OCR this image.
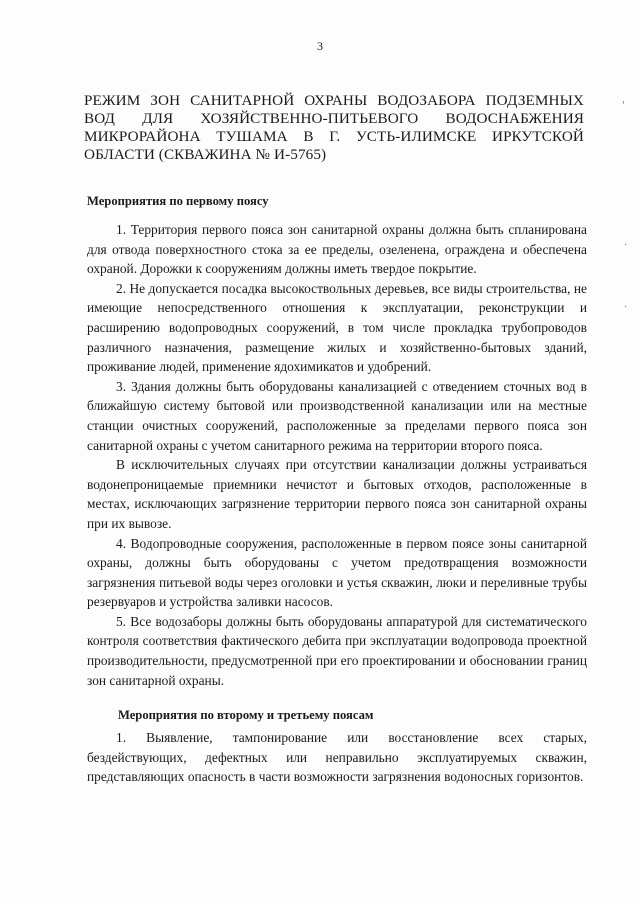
3
РЕЖИМ ЗОН САНИТАРНОЙ ОХРАНЫ ВОДОЗАБОРА ПОДЗЕМНЫХ
ВОД ДЛЯ ХОЗЯЙСТВЕННО-ПИТЬЕВОГО ВОДОСНАБЖЕНИЯ
МИКРОРАЙОНА ТУШАМА В Г. УСТЬ-ИЛИМСКЕ ИРКУТСКОЙ
ОБЛАСТИ (СКВАЖИНА № И-5765)
Мероприятия по первому поясу

1. Территория первого пояса зон санитарной охраны должна быть спланирована для отвода поверхностного стока за ее пределы, озеленена, ограждена и обеспечена охраной. Дорожки к сооружениям должны иметь твердое покрытие.

2. Не допускается посадка высокоствольных деревьев, все виды строительства, не имеющие непосредственного отношения к эксплуатации, реконструкции и расширению водопроводных сооружений, в том числе прокладка трубопроводов различного назначения, размещение жилых и хозяйственно-бытовых зданий, проживание людей, применение ядохимикатов и удобрений.

3. Здания должны быть оборудованы канализацией с отведением сточных вод в ближайшую систему бытовой или производственной канализации или на местные станции очистных сооружений, расположенные за пределами первого пояса зон санитарной охраны с учетом санитарного режима на территории второго пояса.

В исключительных случаях при отсутствии канализации должны устраиваться водонепроницаемые приемники нечистот и бытовых отходов, расположенные в местах, исключающих загрязнение территории первого пояса зон санитарной охраны при их вывозе.

4. Водопроводные сооружения, расположенные в первом поясе зоны санитарной охраны, должны быть оборудованы с учетом предотвращения возможности загрязнения питьевой воды через оголовки и устья скважин, люки и переливные трубы резервуаров и устройства заливки насосов.

5. Все водозаборы должны быть оборудованы аппаратурой для систематического контроля соответствия фактического дебита при эксплуатации водопровода проектной производительности, предусмотренной при его проектировании и обосновании границ зон санитарной охраны.

Мероприятия по второму и третьему поясам

1. Выявление, тампонирование или восстановление всех старых, бездействующих, дефектных или неправильно эксплуатируемых скважин, представляющих опасность в части возможности загрязнения водоносных горизонтов.

'
·
·
